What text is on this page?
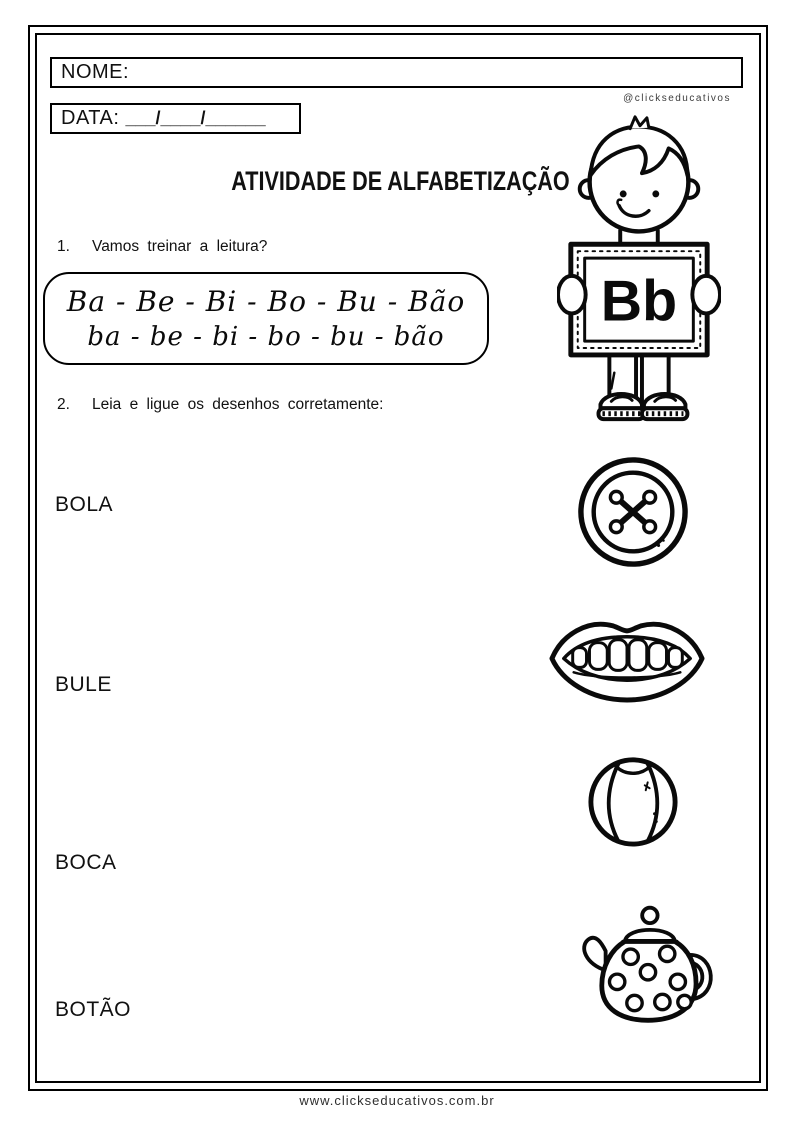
NOME:
@clickseducativos
DATA: ___/____/______
ATIVIDADE DE ALFABETIZAÇÃO
Bb
1.	Vamos treinar a leitura?
Ba - Be - Bi - Bo - Bu - Bão
ba - be - bi - bo - bu - bão
2.	Leia e ligue os desenhos corretamente:
BOLA
BULE
BOCA
BOTÃO
www.clickseducativos.com.br
